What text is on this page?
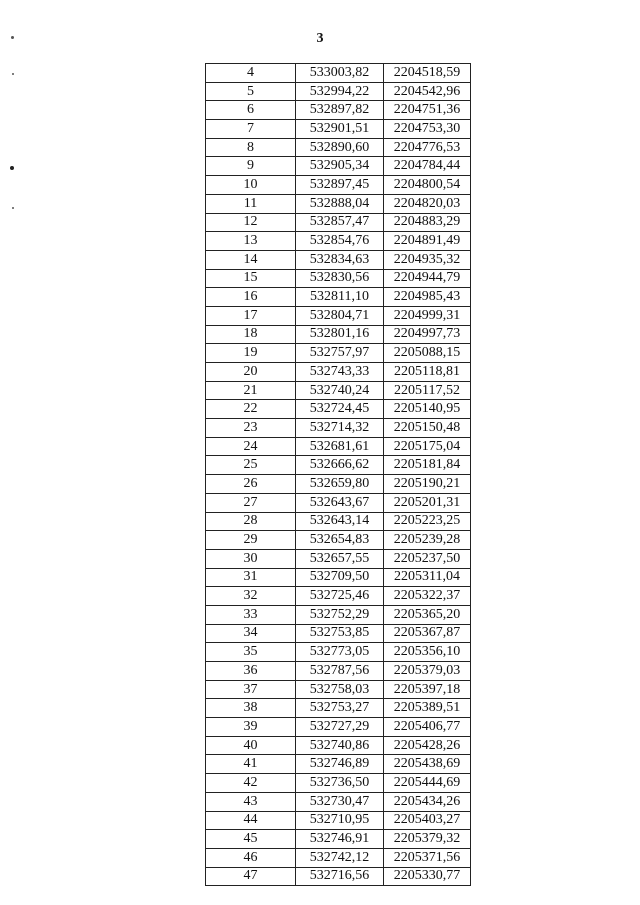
3
4	533003,82	2204518,59
5	532994,22	2204542,96
6	532897,82	2204751,36
7	532901,51	2204753,30
8	532890,60	2204776,53
9	532905,34	2204784,44
10	532897,45	2204800,54
11	532888,04	2204820,03
12	532857,47	2204883,29
13	532854,76	2204891,49
14	532834,63	2204935,32
15	532830,56	2204944,79
16	532811,10	2204985,43
17	532804,71	2204999,31
18	532801,16	2204997,73
19	532757,97	2205088,15
20	532743,33	2205118,81
21	532740,24	2205117,52
22	532724,45	2205140,95
23	532714,32	2205150,48
24	532681,61	2205175,04
25	532666,62	2205181,84
26	532659,80	2205190,21
27	532643,67	2205201,31
28	532643,14	2205223,25
29	532654,83	2205239,28
30	532657,55	2205237,50
31	532709,50	2205311,04
32	532725,46	2205322,37
33	532752,29	2205365,20
34	532753,85	2205367,87
35	532773,05	2205356,10
36	532787,56	2205379,03
37	532758,03	2205397,18
38	532753,27	2205389,51
39	532727,29	2205406,77
40	532740,86	2205428,26
41	532746,89	2205438,69
42	532736,50	2205444,69
43	532730,47	2205434,26
44	532710,95	2205403,27
45	532746,91	2205379,32
46	532742,12	2205371,56
47	532716,56	2205330,77
